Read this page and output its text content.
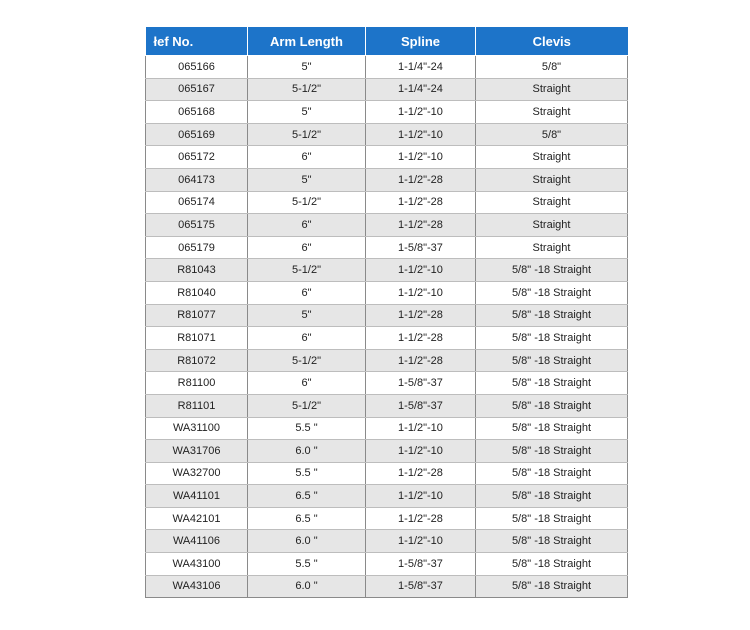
łef No.	Arm Length	Spline	Clevis
065166	5"	1-1/4"-24	5/8"
065167	5-1/2"	1-1/4"-24	Straight
065168	5"	1-1/2"-10	Straight
065169	5-1/2"	1-1/2"-10	5/8"
065172	6"	1-1/2"-10	Straight
064173	5"	1-1/2"-28	Straight
065174	5-1/2"	1-1/2"-28	Straight
065175	6"	1-1/2"-28	Straight
065179	6"	1-5/8"-37	Straight
R81043	5-1/2"	1-1/2"-10	5/8" -18 Straight
R81040	6"	1-1/2"-10	5/8" -18 Straight
R81077	5"	1-1/2"-28	5/8" -18 Straight
R81071	6"	1-1/2"-28	5/8" -18 Straight
R81072	5-1/2"	1-1/2"-28	5/8" -18 Straight
R81100	6"	1-5/8"-37	5/8" -18 Straight
R81101	5-1/2"	1-5/8"-37	5/8" -18 Straight
WA31100	5.5 "	1-1/2"-10	5/8" -18 Straight
WA31706	6.0 "	1-1/2"-10	5/8" -18 Straight
WA32700	5.5 "	1-1/2"-28	5/8" -18 Straight
WA41101	6.5 "	1-1/2"-10	5/8" -18 Straight
WA42101	6.5 "	1-1/2"-28	5/8" -18 Straight
WA41106	6.0 "	1-1/2"-10	5/8" -18 Straight
WA43100	5.5 "	1-5/8"-37	5/8" -18 Straight
WA43106	6.0 "	1-5/8"-37	5/8" -18 Straight
